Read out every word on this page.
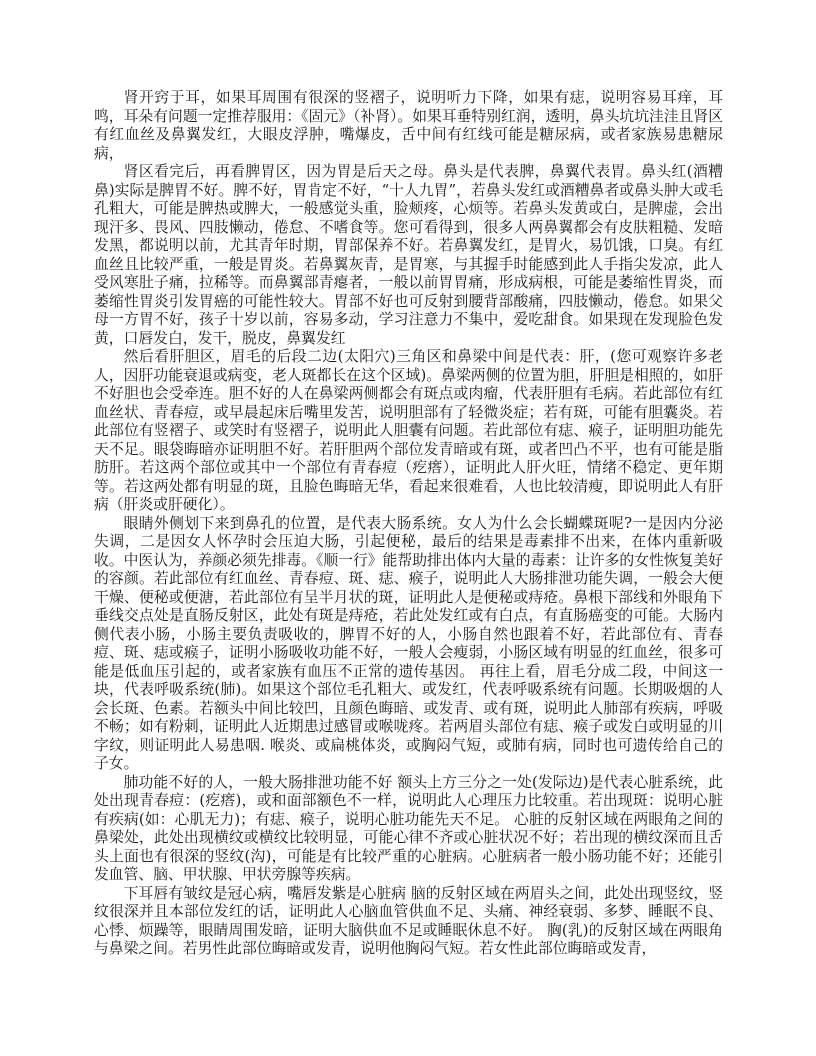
肾开窍于耳，如果耳周围有很深的竖褶子，说明听力下降，如果有痣，说明容易耳痒，耳鸣，耳朵有问题一定推荐服用：《固元》（补肾）。如果耳垂特别红润，透明，鼻头坑坑洼洼且肾区有红血丝及鼻翼发红，大眼皮浮肿，嘴爆皮，舌中间有红线可能是糖尿病，或者家族易患糖尿病，

肾区看完后，再看脾胃区，因为胃是后天之母。鼻头是代表脾，鼻翼代表胃。鼻头红(酒糟鼻)实际是脾胃不好。脾不好，胃肯定不好，“十人九胃”，若鼻头发红或酒糟鼻者或鼻头肿大或毛孔粗大，可能是脾热或脾大，一般感觉头重，脸颊疼，心烦等。若鼻头发黄或白，是脾虚，会出现汗多、畏风、四肢懒动，倦怠、不嗜食等。您可看得到，很多人两鼻翼都会有皮肤粗糙、发暗发黑，都说明以前，尤其青年时期，胃部保养不好。若鼻翼发红，是胃火，易饥饿，口臭。有红血丝且比较严重，一般是胃炎。若鼻翼灰青，是胃寒，与其握手时能感到此人手指尖发凉，此人受风寒肚子痛，拉稀等。而鼻翼部青瘪者，一般以前胃胃痛，形成病根，可能是萎缩性胃炎，而萎缩性胃炎引发胃癌的可能性较大。胃部不好也可反射到腰背部酸痛，四肢懒动，倦怠。如果父母一方胃不好，孩子十岁以前，容易多动，学习注意力不集中，爱吃甜食。如果现在发现脸色发黄，口唇发白，发干，脱皮，鼻翼发红

然后看肝胆区，眉毛的后段二边(太阳穴)三角区和鼻梁中间是代表：肝，(您可观察许多老人，因肝功能衰退或病变，老人斑都长在这个区域)。鼻梁两侧的位置为胆，肝胆是相照的，如肝不好胆也会受牵连。胆不好的人在鼻梁两侧都会有斑点或肉瘤，代表肝胆有毛病。若此部位有红血丝状、青春痘，或早晨起床后嘴里发苦，说明胆部有了轻微炎症；若有斑，可能有胆囊炎。若此部位有竖褶子、或笑时有竖褶子，说明此人胆囊有问题。若此部位有痣、瘊子，证明胆功能先天不足。眼袋晦暗亦证明胆不好。若肝胆两个部位发青暗或有斑，或者凹凸不平，也有可能是脂肪肝。若这两个部位或其中一个部位有青春痘（疙瘩），证明此人肝火旺，情绪不稳定、更年期等。若这两处都有明显的斑，且脸色晦暗无华，看起来很难看，人也比较清瘦，即说明此人有肝病（肝炎或肝硬化）。

眼睛外侧划下来到鼻孔的位置，是代表大肠系统。女人为什么会长蝴蝶斑呢?一是因内分泌失调，二是因女人怀孕时会压迫大肠，引起便秘，最后的结果是毒素排不出来，在体内重新吸收。中医认为，养颜必须先排毒。《顺一行》能帮助排出体内大量的毒素：让许多的女性恢复美好的容颜。若此部位有红血丝、青春痘、斑、痣、瘊子，说明此人大肠排泄功能失调，一般会大便干燥、便秘或便溏，若此部位有呈半月状的斑，证明此人是便秘或痔疮。鼻根下部线和外眼角下垂线交点处是直肠反射区，此处有斑是痔疮，若此处发红或有白点，有直肠癌变的可能。大肠内侧代表小肠，小肠主要负责吸收的，脾胃不好的人，小肠自然也跟着不好，若此部位有、青春痘、斑、痣或瘊子，证明小肠吸收功能不好，一般人会瘦弱，小肠区域有明显的红血丝，很多可能是低血压引起的，或者家族有血压不正常的遗传基因。 再往上看，眉毛分成二段，中间这一块，代表呼吸系统(肺)。如果这个部位毛孔粗大、或发红，代表呼吸系统有问题。长期吸烟的人会长斑、色素。若额头中间比较凹，且颜色晦暗、或发青、或有斑，说明此人肺部有疾病，呼吸不畅；如有粉刺，证明此人近期患过感冒或喉咙疼。若两眉头部位有痣、瘊子或发白或明显的川字纹，则证明此人易患咽. 喉炎、或扁桃体炎，或胸闷气短，或肺有病，同时也可遗传给自己的子女。

肺功能不好的人，一般大肠排泄功能不好 额头上方三分之一处(发际边)是代表心脏系统，此处出现青春痘：(疙瘩)，或和面部额色不一样，说明此人心理压力比较重。若出现斑：说明心脏有疾病(如：心肌无力)；有痣、瘊子，说明心脏功能先天不足。 心脏的反射区域在两眼角之间的鼻梁处，此处出现横纹或横纹比较明显，可能心律不齐或心脏状况不好；若出现的横纹深而且舌头上面也有很深的竖纹(沟)，可能是有比较严重的心脏病。心脏病者一般小肠功能不好；还能引发血管、脑、甲状腺、甲状旁腺等疾病。

下耳唇有皱纹是冠心病，嘴唇发紫是心脏病 脑的反射区域在两眉头之间，此处出现竖纹，竖纹很深并且本部位发红的话，证明此人心脑血管供血不足、头痛、神经衰弱、多梦、睡眠不良、心悸、烦躁等，眼睛周围发暗，证明大脑供血不足或睡眠休息不好。 胸(乳)的反射区域在两眼角与鼻梁之间。若男性此部位晦暗或发青，说明他胸闷气短。若女性此部位晦暗或发青，
